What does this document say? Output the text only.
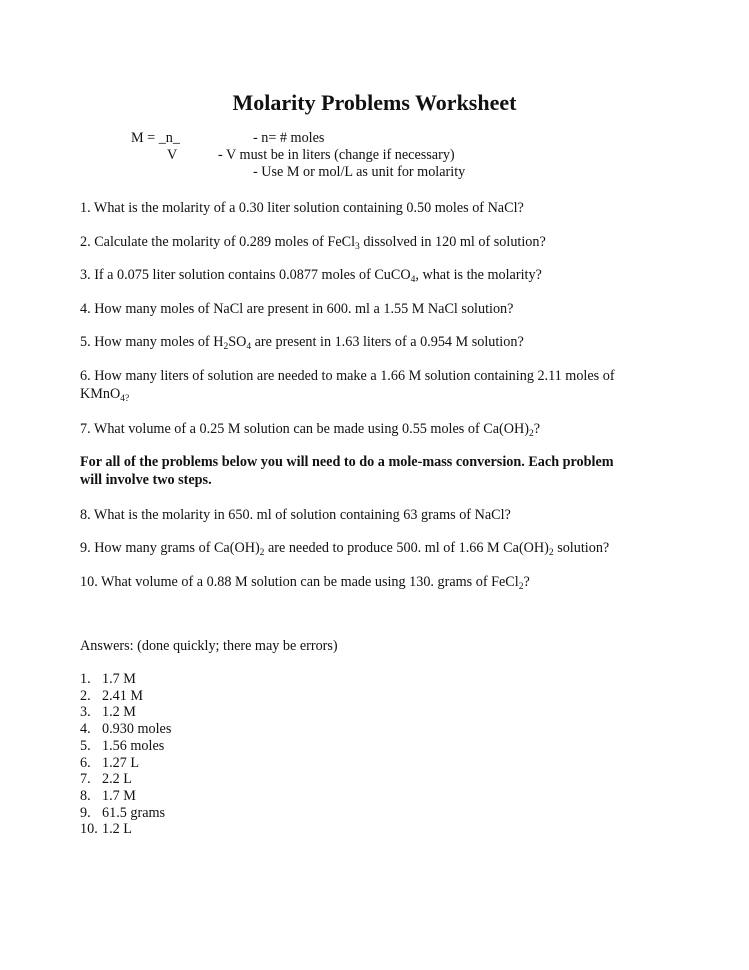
Molarity Problems Worksheet
M = _n_
V
- n= # moles
- V must be in liters (change if necessary)
- Use M or mol/L as unit for molarity
1. What is the molarity of a 0.30 liter solution containing 0.50 moles of NaCl?
2. Calculate the molarity of 0.289 moles of FeCl$_3$ dissolved in 120 ml of solution?
3. If a 0.075 liter solution contains 0.0877 moles of CuCO$_4$, what is the molarity?
4. How many moles of NaCl are present in 600. ml a 1.55 M NaCl solution?
5. How many moles of $H_2SO_4$ are present in 1.63 liters of a 0.954 M solution?
6. How many liters of solution are needed to make a 1.66 M solution containing 2.11 moles of
KMnO$_{4?}$
7. What volume of a 0.25 M solution can be made using 0.55 moles of $Ca(OH)_2$?
For all of the problems below you will need to do a mole-mass conversion. Each problem
will involve two steps.
8. What is the molarity in 650. ml of solution containing 63 grams of NaCl?
9. How many grams of $Ca(OH)_2$ are needed to produce 500. ml of 1.66 M $Ca(OH)_2$ solution?
10. What volume of a 0.88 M solution can be made using 130. grams of FeCl$_2$?
Answers: (done quickly; there may be errors)
1. 1.7 M
2. 2.41 M
3. 1.2 M
4. 0.930 moles
5. 1.56 moles
6. 1.27 L
7. 2.2 L
8. 1.7 M
9. 61.5 grams
10. 1.2 L
